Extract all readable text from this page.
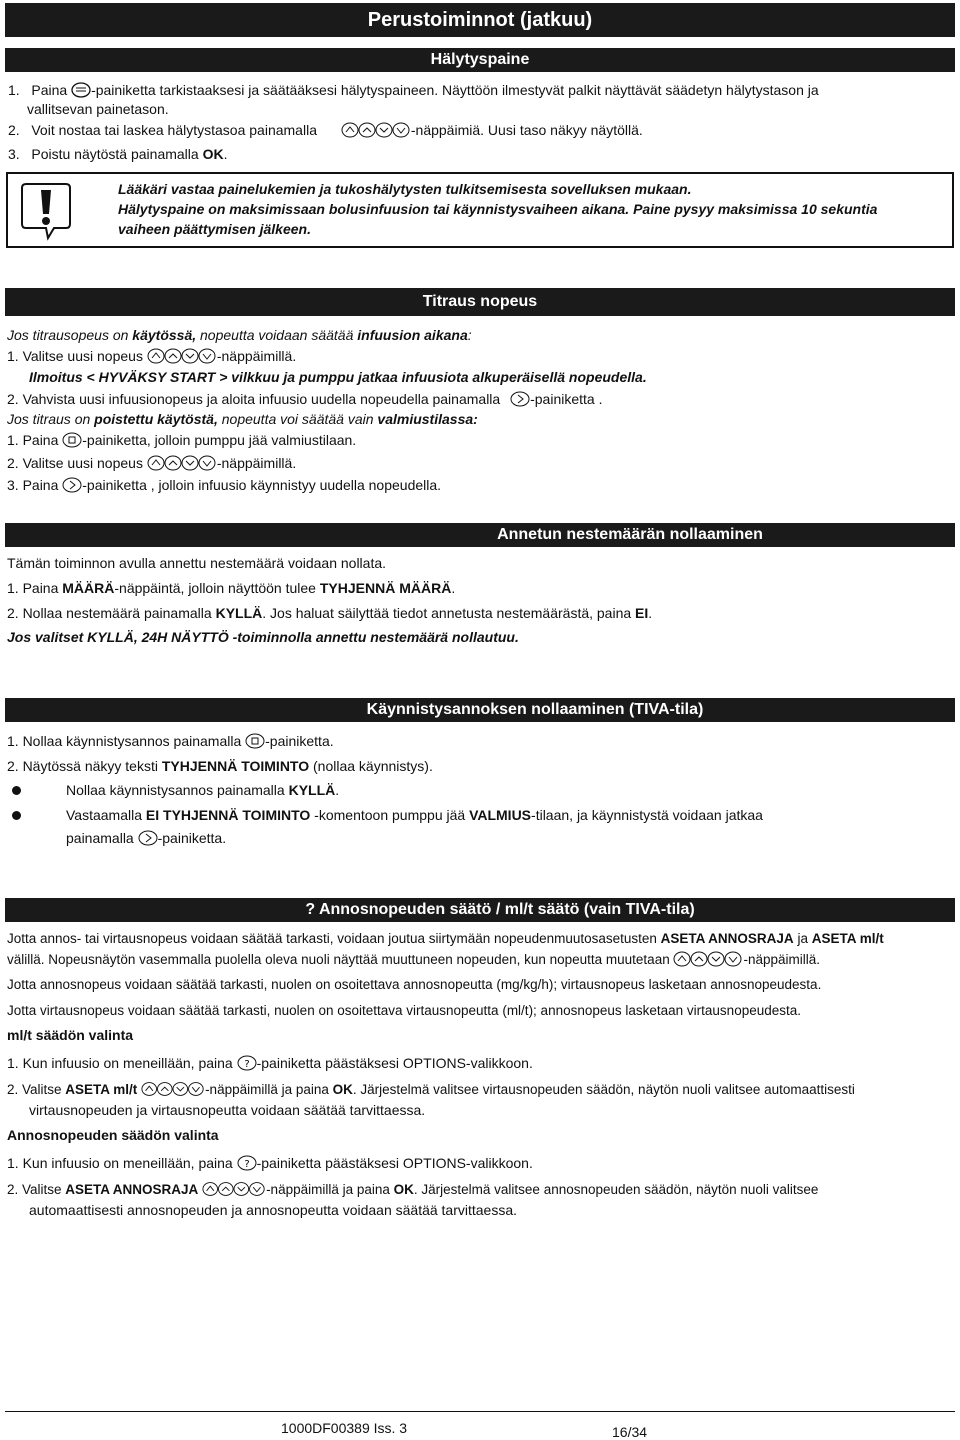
Perustoiminnot (jatkuu)
Hälytyspaine
1. Paina -painiketta tarkistaaksesi ja säätääksesi hälytyspaineen. Näyttöön ilmestyvät palkit näyttävät säädetyn hälytystason ja
vallitsevan painetason.
2. Voit nostaa tai laskea hälytystasoa painamalla	-näppäimiä. Uusi taso näkyy näytöllä.
3. Poistu näytöstä painamalla OK.
Lääkäri vastaa painelukemien ja tukoshälytysten tulkitsemisesta sovelluksen mukaan.
Hälytyspaine on maksimissaan bolusinfuusion tai käynnistysvaiheen aikana. Paine pysyy maksimissa 10 sekuntia
vaiheen päättymisen jälkeen.
Titraus nopeus
Jos titrausopeus on käytössä, nopeutta voidaan säätää infuusion aikana:
1. Valitse uusi nopeus	-näppäimillä.
Ilmoitus < HYVÄKSY START > vilkkuu ja pumppu jatkaa infuusiota alkuperäisellä nopeudella.
2. Vahvista uusi infuusionopeus ja aloita infuusio uudella nopeudella painamalla -painiketta .
Jos titraus on poistettu käytöstä, nopeutta voi säätää vain valmiustilassa:
1. Paina -painiketta, jolloin pumppu jää valmiustilaan.
2. Valitse uusi nopeus	-näppäimillä.
3. Paina -painiketta , jolloin infuusio käynnistyy uudella nopeudella.
Annetun nestemäärän nollaaminen
Tämän toiminnon avulla annettu nestemäärä voidaan nollata.
1. Paina MÄÄRÄ-näppäintä, jolloin näyttöön tulee TYHJENNÄ MÄÄRÄ.
2. Nollaa nestemäärä painamalla KYLLÄ. Jos haluat säilyttää tiedot annetusta nestemäärästä, paina EI.
Jos valitset KYLLÄ, 24H NÄYTTÖ -toiminnolla annettu nestemäärä nollautuu.
Käynnistysannoksen nollaaminen (TIVA-tila)
1. Nollaa käynnistysannos painamalla -painiketta.
2. Näytössä näkyy teksti TYHJENNÄ TOIMINTO (nollaa käynnistys).
Nollaa käynnistysannos painamalla KYLLÄ.
Vastaamalla EI TYHJENNÄ TOIMINTO -komentoon pumppu jää VALMIUS-tilaan, ja käynnistystä voidaan jatkaa
painamalla -painiketta.
? Annosnopeuden säätö / ml/t säätö (vain TIVA-tila)
Jotta annos- tai virtausnopeus voidaan säätää tarkasti, voidaan joutua siirtymään nopeudenmuutosasetusten ASETA ANNOSRAJA ja ASETA ml/t
välillä. Nopeusnäytön vasemmalla puolella oleva nuoli näyttää muuttuneen nopeuden, kun nopeutta muutetaan	-näppäimillä.
Jotta annosnopeus voidaan säätää tarkasti, nuolen on osoitettava annosnopeutta (mg/kg/h); virtausnopeus lasketaan annosnopeudesta.
Jotta virtausnopeus voidaan säätää tarkasti, nuolen on osoitettava virtausnopeutta (ml/t); annosnopeus lasketaan virtausnopeudesta.
ml/t säädön valinta
1. Kun infuusio on meneillään, paina ? -painiketta päästäksesi OPTIONS-valikkoon.
2. Valitse ASETA ml/t	-näppäimillä ja paina OK. Järjestelmä valitsee virtausnopeuden säädön, näytön nuoli valitsee automaattisesti
virtausnopeuden ja virtausnopeutta voidaan säätää tarvittaessa.
Annosnopeuden säädön valinta
1. Kun infuusio on meneillään, paina ? -painiketta päästäksesi OPTIONS-valikkoon.
2. Valitse ASETA ANNOSRAJA	-näppäimillä ja paina OK. Järjestelmä valitsee annosnopeuden säädön, näytön nuoli valitsee
automaattisesti annosnopeuden ja annosnopeutta voidaan säätää tarvittaessa.
1000DF00389 Iss. 3	16/34
